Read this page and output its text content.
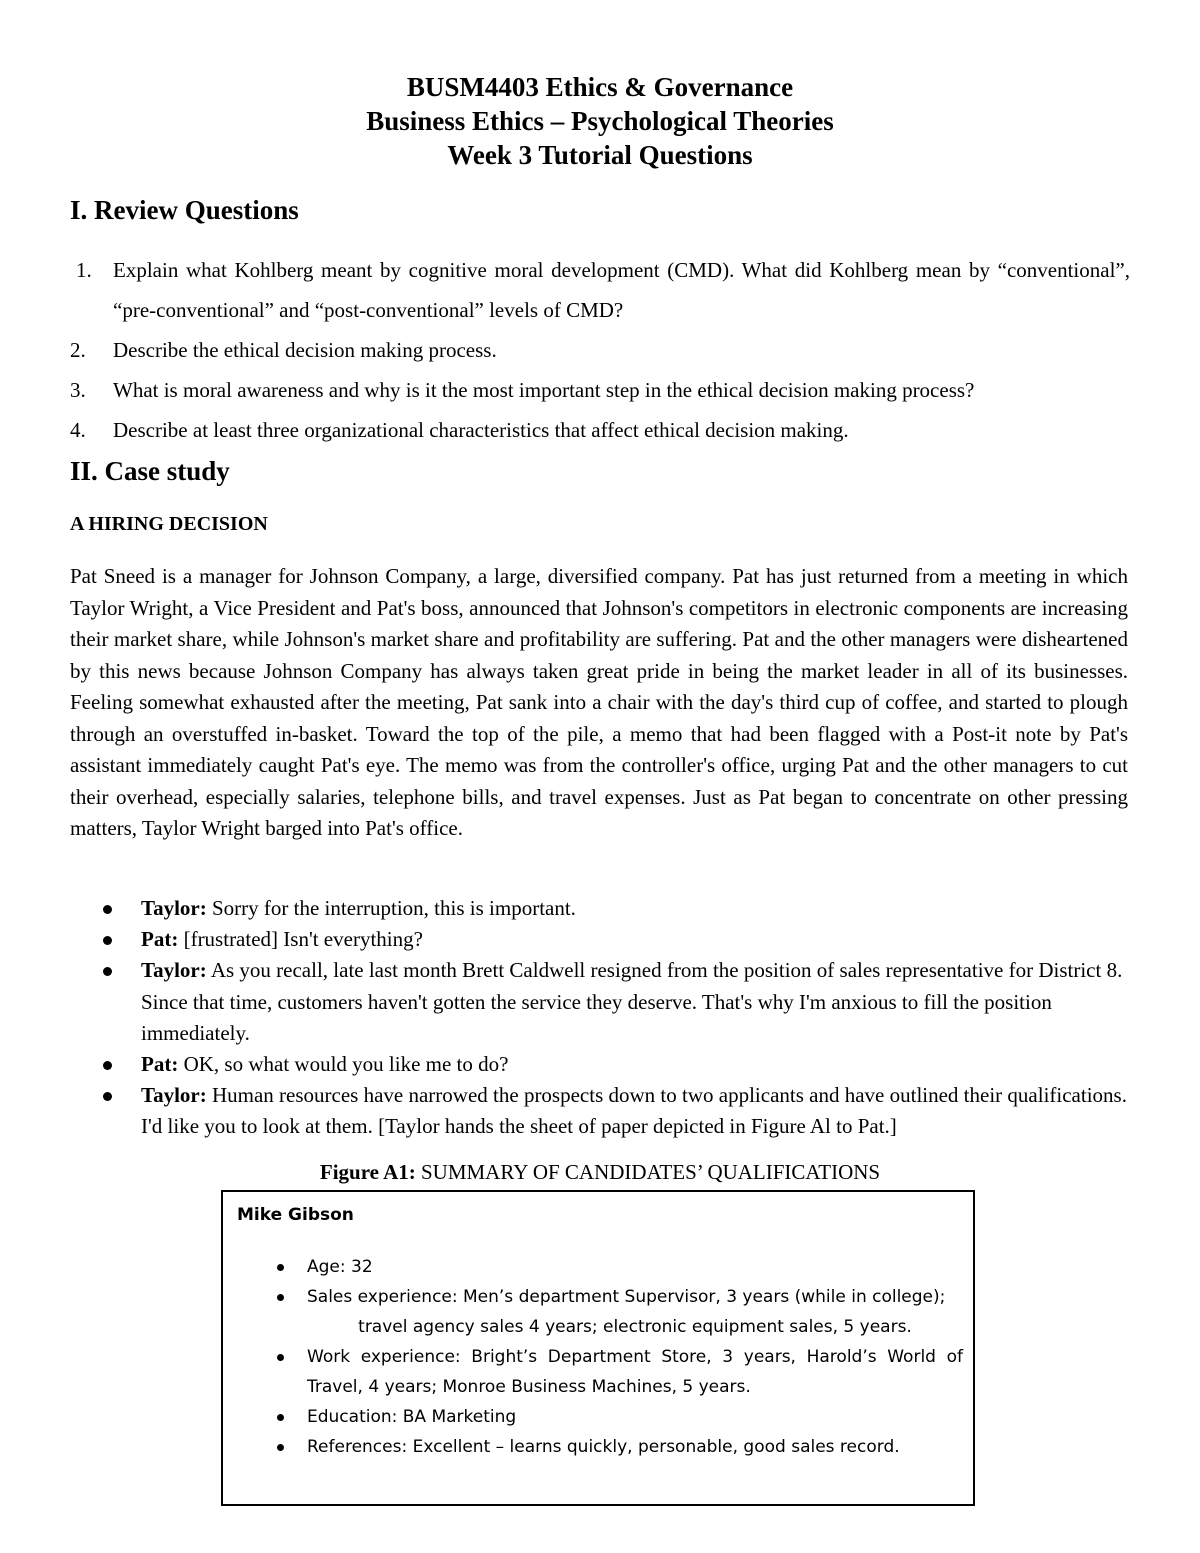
BUSM4403 Ethics & Governance
Business Ethics – Psychological Theories
Week 3 Tutorial Questions
I. Review Questions
1. Explain what Kohlberg meant by cognitive moral development (CMD). What did Kohlberg mean by “conventional”, “pre-conventional” and “post-conventional” levels of CMD?
2. Describe the ethical decision making process.
3. What is moral awareness and why is it the most important step in the ethical decision making process?
4. Describe at least three organizational characteristics that affect ethical decision making.
II. Case study
A HIRING DECISION
Pat Sneed is a manager for Johnson Company, a large, diversified company. Pat has just returned from a meeting in which Taylor Wright, a Vice President and Pat's boss, announced that Johnson's competitors in electronic components are increasing their market share, while Johnson's market share and profitability are suffering. Pat and the other managers were disheartened by this news because Johnson Company has always taken great pride in being the market leader in all of its businesses. Feeling somewhat exhausted after the meeting, Pat sank into a chair with the day's third cup of coffee, and started to plough through an overstuffed in-basket. Toward the top of the pile, a memo that had been flagged with a Post-it note by Pat's assistant immediately caught Pat's eye. The memo was from the controller's office, urging Pat and the other managers to cut their overhead, especially salaries, telephone bills, and travel expenses. Just as Pat began to concentrate on other pressing matters, Taylor Wright barged into Pat's office.
Taylor: Sorry for the interruption, this is important.
Pat: [frustrated] Isn't everything?
Taylor: As you recall, late last month Brett Caldwell resigned from the position of sales representative for District 8. Since that time, customers haven't gotten the service they deserve. That's why I'm anxious to fill the position immediately.
Pat: OK, so what would you like me to do?
Taylor: Human resources have narrowed the prospects down to two applicants and have outlined their qualifications. I'd like you to look at them. [Taylor hands the sheet of paper depicted in Figure Al to Pat.]
Figure A1: SUMMARY OF CANDIDATES’ QUALIFICATIONS
Mike Gibson
Age: 32
Sales experience: Men’s department Supervisor, 3 years (while in college);
travel agency sales 4 years; electronic equipment sales, 5 years.
Work experience: Bright’s Department Store, 3 years, Harold’s World of Travel, 4 years; Monroe Business Machines, 5 years.
Education: BA Marketing
References: Excellent – learns quickly, personable, good sales record.
